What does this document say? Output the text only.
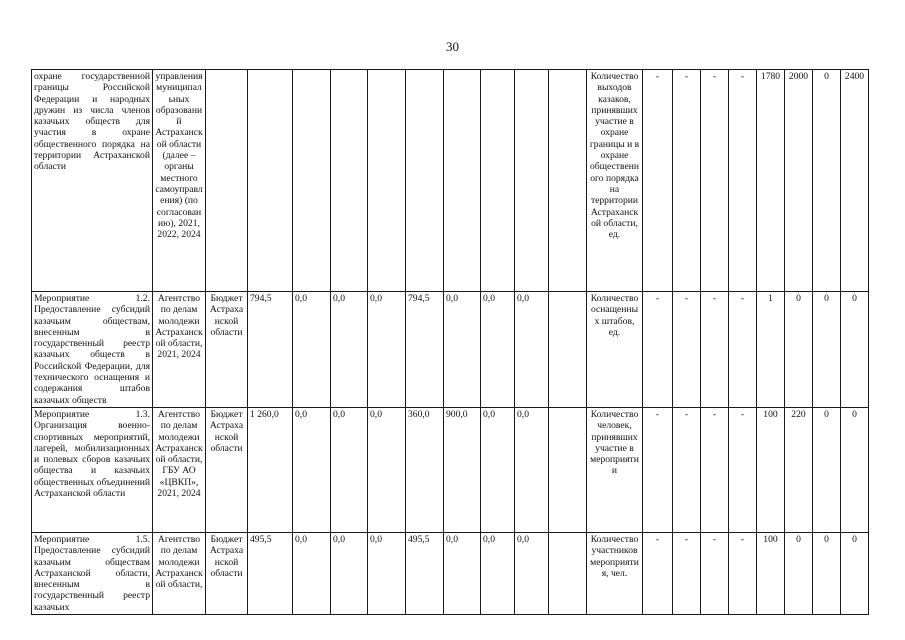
30
охране государственной границы Российской Федерации и народных дружин из числа членов казачьих обществ для участия в охране общественного порядка на территории Астраханской области	управления муниципальных образований Астраханской области (далее – органы местного самоуправления) (по согласованию), 2021, 2022, 2024											Количество выходов казаков, принявших участие в охране границы и в охране общественного порядка на территории Астраханской области, ед.	-	-	-	-	1780	2000	0	2400
Мероприятие 1.2. Предоставление субсидий казачьим обществам, внесенным в государственный реестр казачьих обществ в Российской Федерации, для технического оснащения и содержания штабов казачьих обществ	Агентство по делам молодежи Астраханской области, 2021, 2024	Бюджет Астраханской области	794,5	0,0	0,0	0,0	794,5	0,0	0,0	0,0		Количество оснащенных штабов, ед.	-	-	-	-	1	0	0	0
Мероприятие 1.3. Организация военно-спортивных мероприятий, лагерей, мобилизационных и полевых сборов казачьих общества и казачьих общественных объединений Астраханской области	Агентство по делам молодежи Астраханской области, ГБУ АО «ЦВКП», 2021, 2024	Бюджет Астраханской области	1 260,0	0,0	0,0	0,0	360,0	900,0	0,0	0,0		Количество человек, принявших участие в мероприятии	-	-	-	-	100	220	0	0
Мероприятие 1.5. Предоставление субсидий казачьим обществам Астраханской области, внесенным в государственный реестр казачьих	Агентство по делам молодежи Астраханской области,	Бюджет Астраханской области	495,5	0,0	0,0	0,0	495,5	0,0	0,0	0,0		Количество участников мероприятия, чел.	-	-	-	-	100	0	0	0
